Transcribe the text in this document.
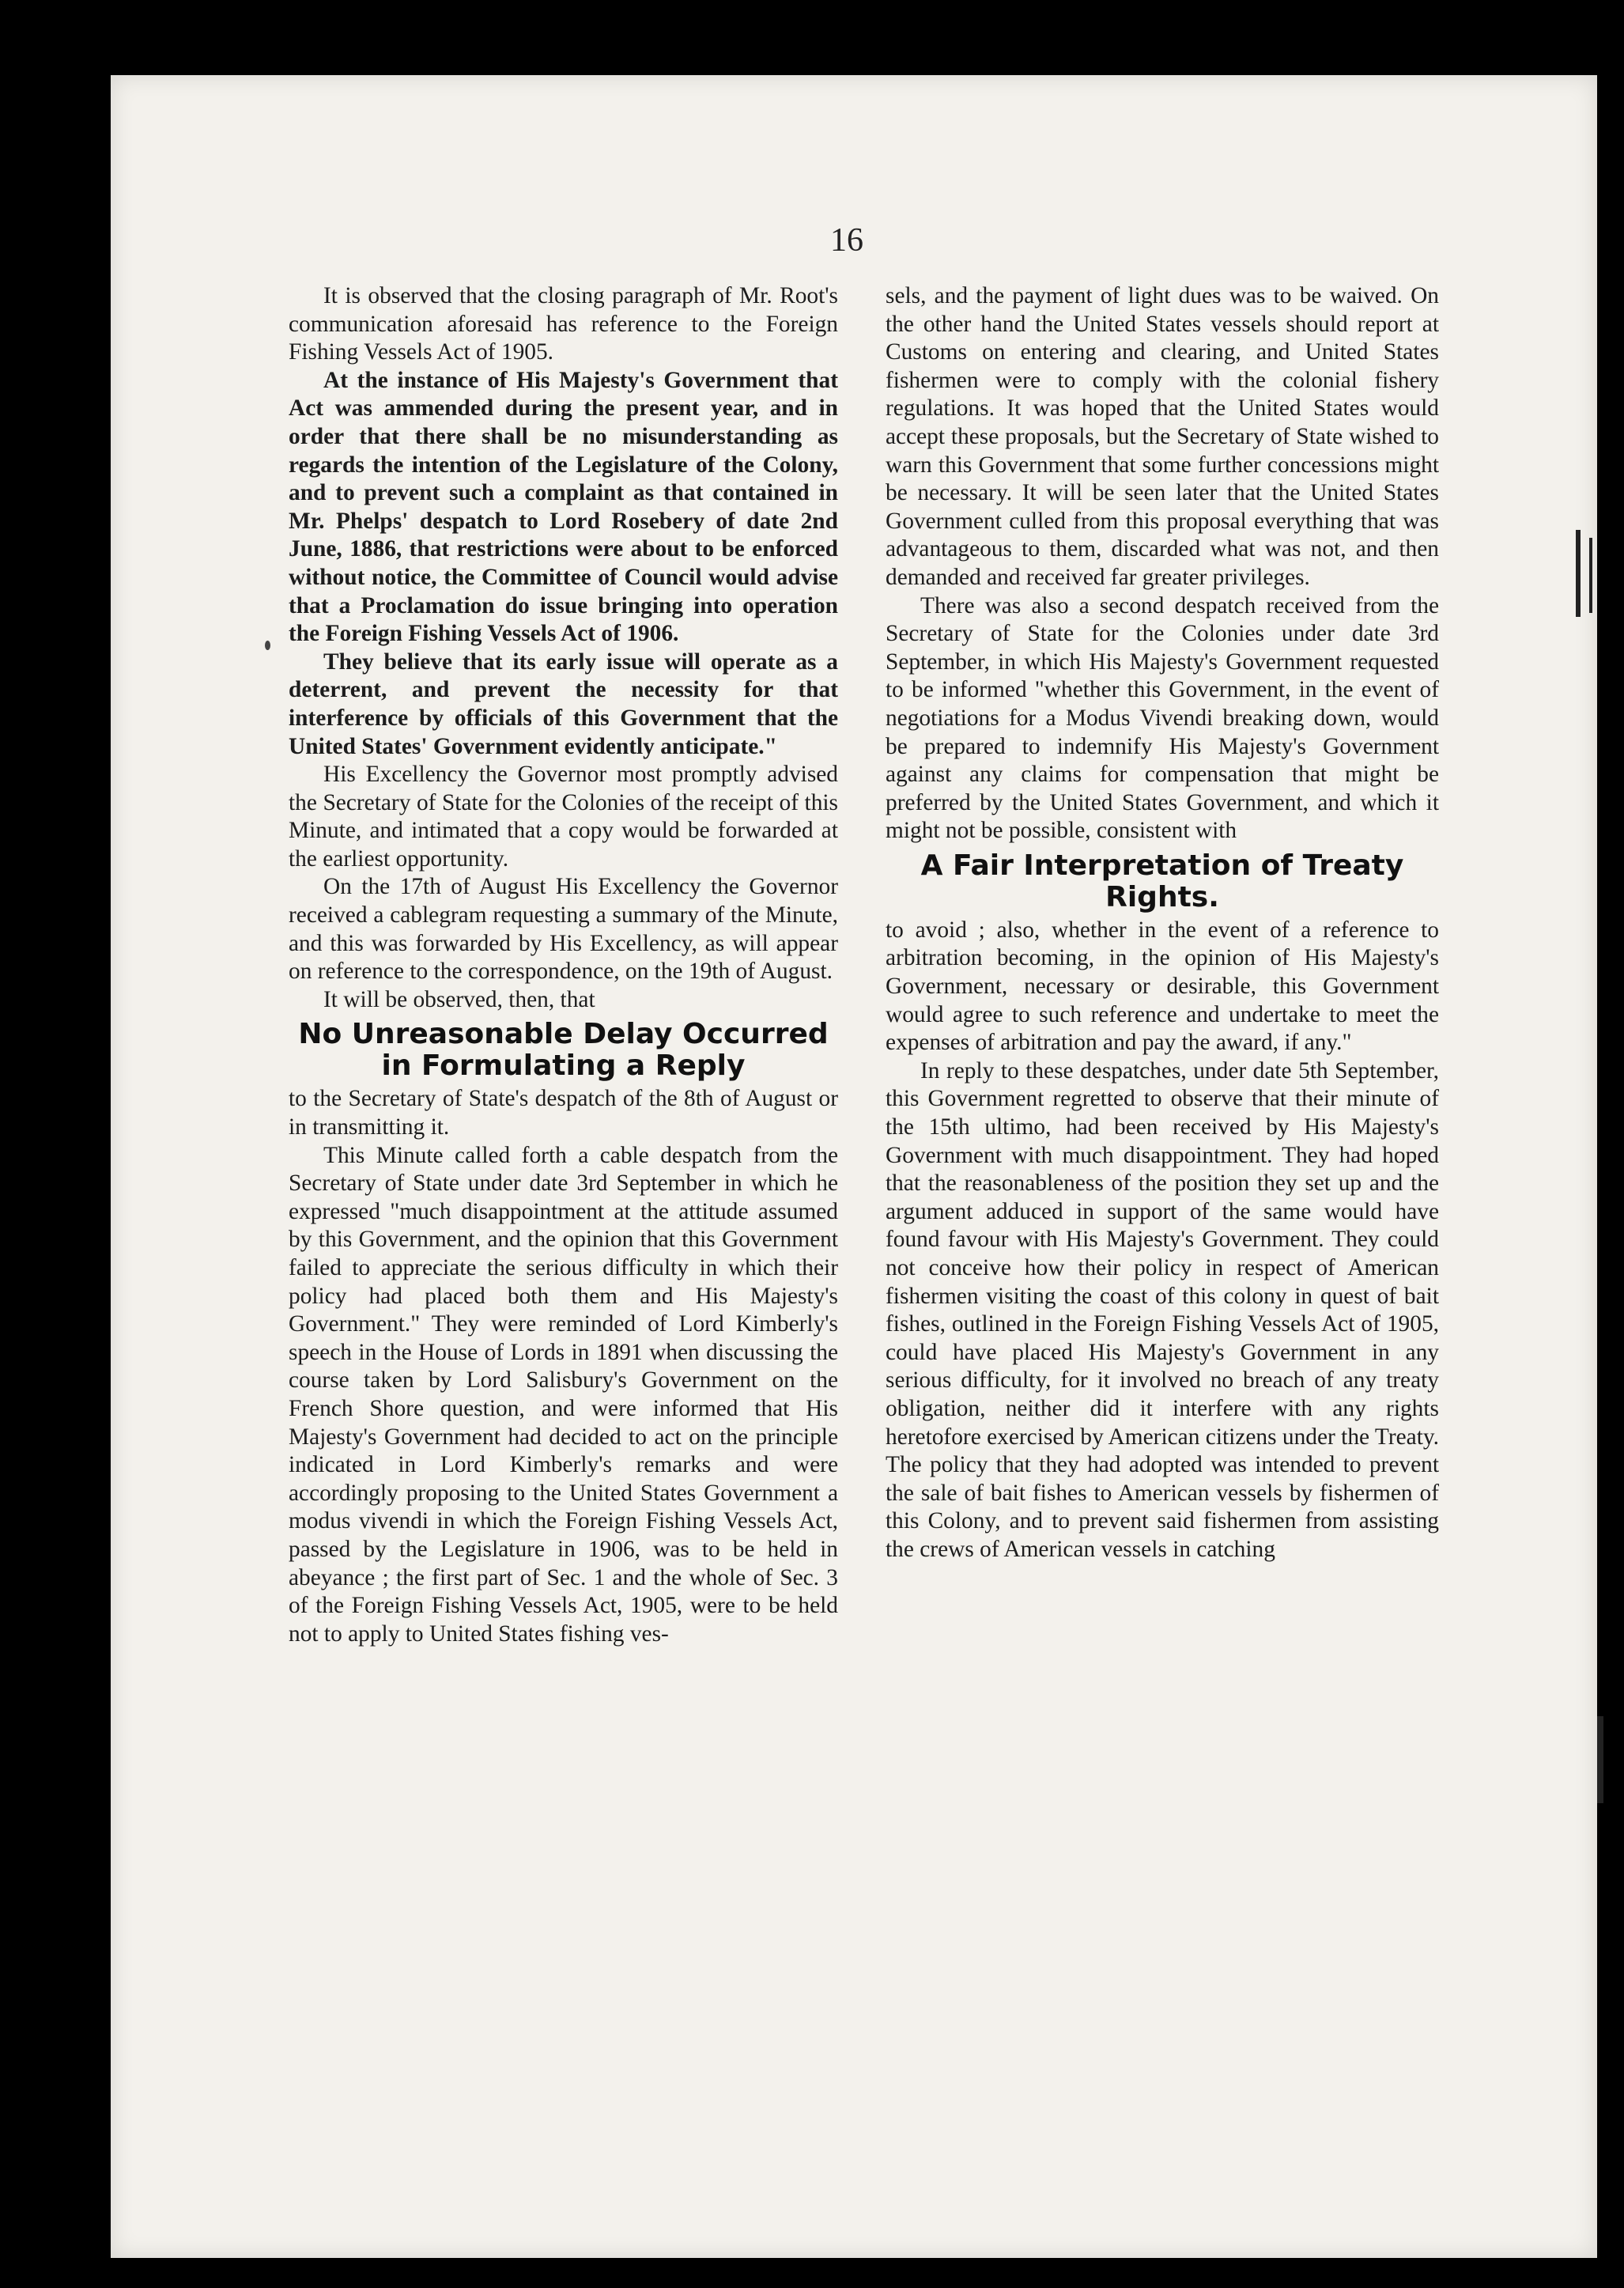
16

It is observed that the closing paragraph of Mr. Root's communication aforesaid has reference to the Foreign Fishing Vessels Act of 1905.

At the instance of His Majesty's Government that Act was ammended during the present year, and in order that there shall be no misunderstanding as regards the intention of the Legislature of the Colony, and to prevent such a complaint as that contained in Mr. Phelps' despatch to Lord Rosebery of date 2nd June, 1886, that restrictions were about to be enforced without notice, the Committee of Council would advise that a Proclamation do issue bringing into operation the Foreign Fishing Vessels Act of 1906.

They believe that its early issue will operate as a deterrent, and prevent the necessity for that interference by officials of this Government that the United States' Government evidently anticipate."

His Excellency the Governor most promptly advised the Secretary of State for the Colonies of the receipt of this Minute, and intimated that a copy would be forwarded at the earliest opportunity.

On the 17th of August His Excellency the Governor received a cablegram requesting a summary of the Minute, and this was forwarded by His Excellency, as will appear on reference to the correspondence, on the 19th of August.

It will be observed, then, that

No Unreasonable Delay Occurred in Formulating a Reply

to the Secretary of State's despatch of the 8th of August or in transmitting it.

This Minute called forth a cable despatch from the Secretary of State under date 3rd September in which he expressed "much disappointment at the attitude assumed by this Government, and the opinion that this Government failed to appreciate the serious difficulty in which their policy had placed both them and His Majesty's Government." They were reminded of Lord Kimberly's speech in the House of Lords in 1891 when discussing the course taken by Lord Salisbury's Government on the French Shore question, and were informed that His Majesty's Government had decided to act on the principle indicated in Lord Kimberly's remarks and were accordingly proposing to the United States Government a modus vivendi in which the Foreign Fishing Vessels Act, passed by the Legislature in 1906, was to be held in abeyance ; the first part of Sec. 1 and the whole of Sec. 3 of the Foreign Fishing Vessels Act, 1905, were to be held not to apply to United States fishing ves-

sels, and the payment of light dues was to be waived. On the other hand the United States vessels should report at Customs on entering and clearing, and United States fishermen were to comply with the colonial fishery regulations. It was hoped that the United States would accept these proposals, but the Secretary of State wished to warn this Government that some further concessions might be necessary. It will be seen later that the United States Government culled from this proposal everything that was advantageous to them, discarded what was not, and then demanded and received far greater privileges.

There was also a second despatch received from the Secretary of State for the Colonies under date 3rd September, in which His Majesty's Government requested to be informed "whether this Government, in the event of negotiations for a Modus Vivendi breaking down, would be prepared to indemnify His Majesty's Government against any claims for compensation that might be preferred by the United States Government, and which it might not be possible, consistent with

A Fair Interpretation of Treaty Rights.

to avoid ; also, whether in the event of a reference to arbitration becoming, in the opinion of His Majesty's Government, necessary or desirable, this Government would agree to such reference and undertake to meet the expenses of arbitration and pay the award, if any."

In reply to these despatches, under date 5th September, this Government regretted to observe that their minute of the 15th ultimo, had been received by His Majesty's Government with much disappointment. They had hoped that the reasonableness of the position they set up and the argument adduced in support of the same would have found favour with His Majesty's Government. They could not conceive how their policy in respect of American fishermen visiting the coast of this colony in quest of bait fishes, outlined in the Foreign Fishing Vessels Act of 1905, could have placed His Majesty's Government in any serious difficulty, for it involved no breach of any treaty obligation, neither did it interfere with any rights heretofore exercised by American citizens under the Treaty. The policy that they had adopted was intended to prevent the sale of bait fishes to American vessels by fishermen of this Colony, and to prevent said fishermen from assisting the crews of American vessels in catching
